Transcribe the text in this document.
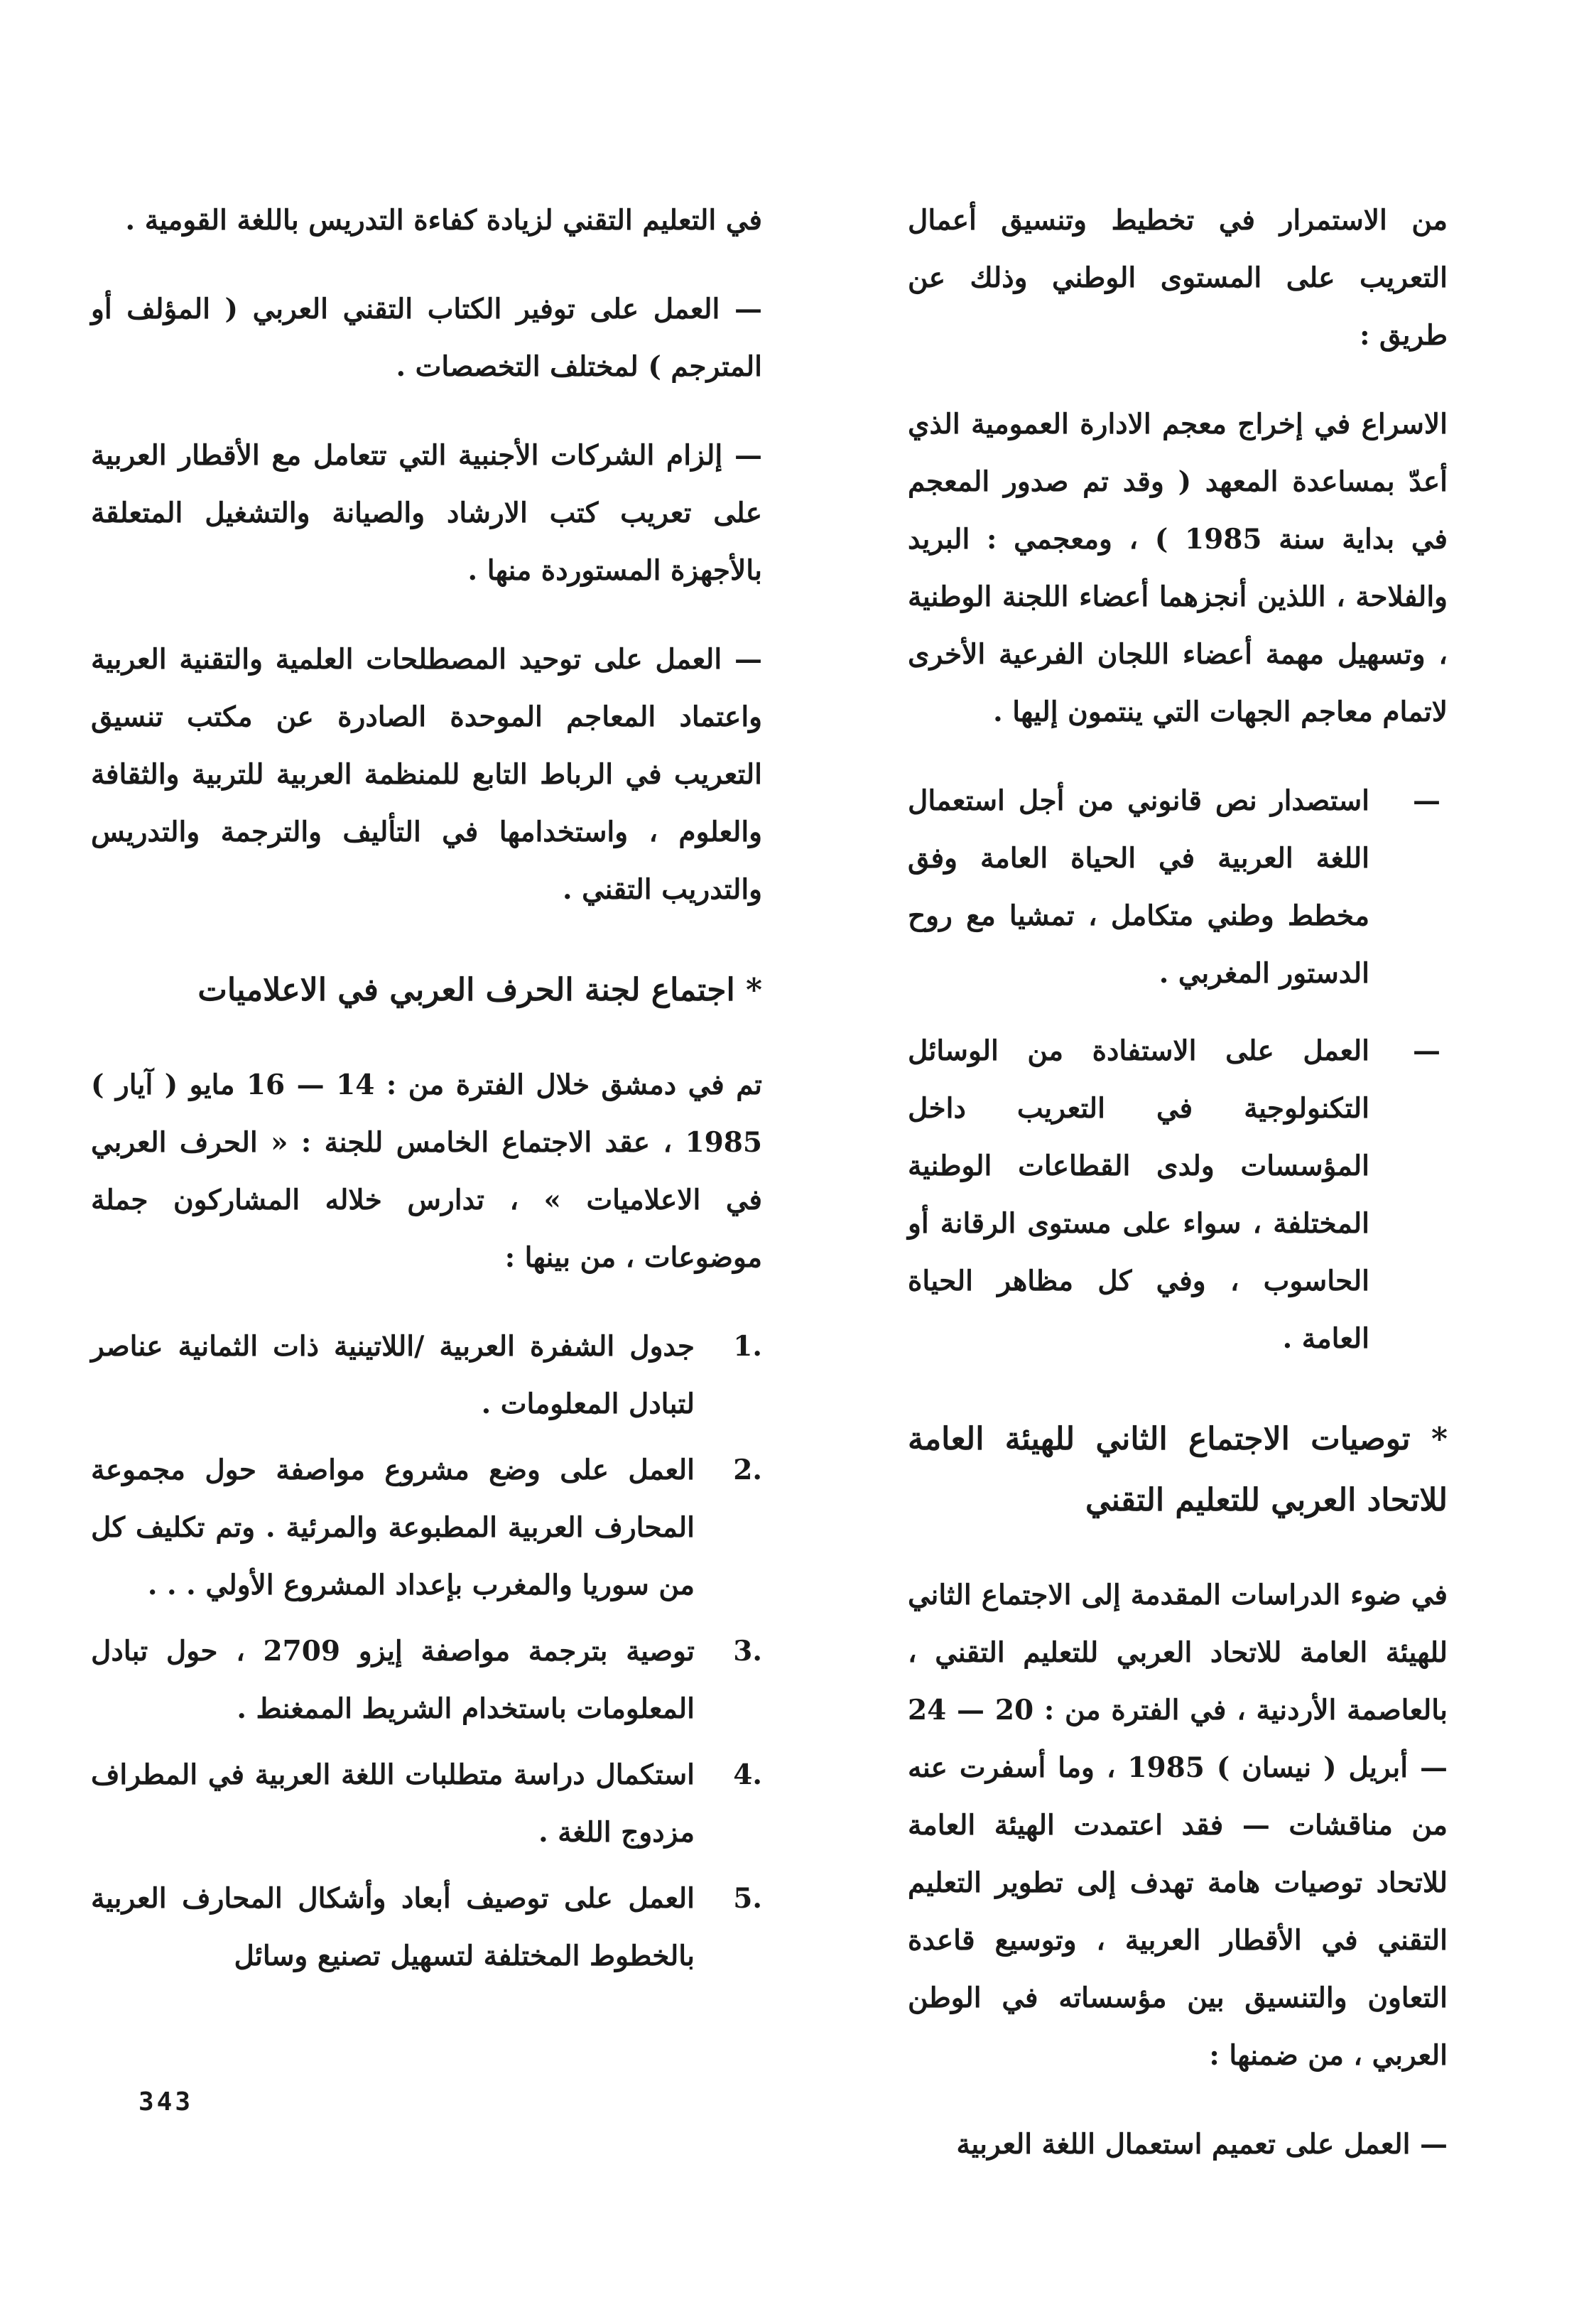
من الاستمرار في تخطيط وتنسيق أعمال التعريب على المستوى الوطني وذلك عن طريق :

الاسراع في إخراج معجم الادارة العمومية الذي أعدّ بمساعدة المعهد ( وقد تم صدور المعجم في بداية سنة 1985 ) ، ومعجمي : البريد والفلاحة ، اللذين أنجزهما أعضاء اللجنة الوطنية ، وتسهيل مهمة أعضاء اللجان الفرعية الأخرى لاتمام معاجم الجهات التي ينتمون إليها .

—
استصدار نص قانوني من أجل استعمال اللغة العربية في الحياة العامة وفق مخطط وطني متكامل ، تمشيا مع روح الدستور المغربي .
—
العمل على الاستفادة من الوسائل التكنولوجية في التعريب داخل المؤسسات ولدى القطاعات الوطنية المختلفة ، سواء على مستوى الرقانة أو الحاسوب ، وفي كل مظاهر الحياة العامة .
* توصيات الاجتماع الثاني للهيئة العامة للاتحاد العربي للتعليم التقني

في ضوء الدراسات المقدمة إلى الاجتماع الثاني للهيئة العامة للاتحاد العربي للتعليم التقني ، بالعاصمة الأردنية ، في الفترة من : 20 — 24 — أبريل ( نيسان ) 1985 ، وما أسفرت عنه من مناقشات — فقد اعتمدت الهيئة العامة للاتحاد توصيات هامة تهدف إلى تطوير التعليم التقني في الأقطار العربية ، وتوسيع قاعدة التعاون والتنسيق بين مؤسساته في الوطن العربي ، من ضمنها :

— العمل على تعميم استعمال اللغة العربية

في التعليم التقني لزيادة كفاءة التدريس باللغة القومية .

— العمل على توفير الكتاب التقني العربي ( المؤلف أو المترجم ) لمختلف التخصصات .

— إلزام الشركات الأجنبية التي تتعامل مع الأقطار العربية على تعريب كتب الارشاد والصيانة والتشغيل المتعلقة بالأجهزة المستوردة منها .

— العمل على توحيد المصطلحات العلمية والتقنية العربية واعتماد المعاجم الموحدة الصادرة عن مكتب تنسيق التعريب في الرباط التابع للمنظمة العربية للتربية والثقافة والعلوم ، واستخدامها في التأليف والترجمة والتدريس والتدريب التقني .

* اجتماع لجنة الحرف العربي في الاعلاميات

تم في دمشق خلال الفترة من : 14 — 16 مايو ( آيار ) 1985 ، عقد الاجتماع الخامس للجنة : « الحرف العربي في الاعلاميات » ، تدارس خلاله المشاركون جملة موضوعات ، من بينها :

1.
جدول الشفرة العربية /اللاتينية ذات الثمانية عناصر لتبادل المعلومات .
2.
العمل على وضع مشروع مواصفة حول مجموعة المحارف العربية المطبوعة والمرئية . وتم تكليف كل من سوريا والمغرب بإعداد المشروع الأولي . . .
3.
توصية بترجمة مواصفة إيزو 2709 ، حول تبادل المعلومات باستخدام الشريط الممغنط .
4.
استكمال دراسة متطلبات اللغة العربية في المطراف مزدوج اللغة .
5.
العمل على توصيف أبعاد وأشكال المحارف العربية بالخطوط المختلفة لتسهيل تصنيع وسائل
343
